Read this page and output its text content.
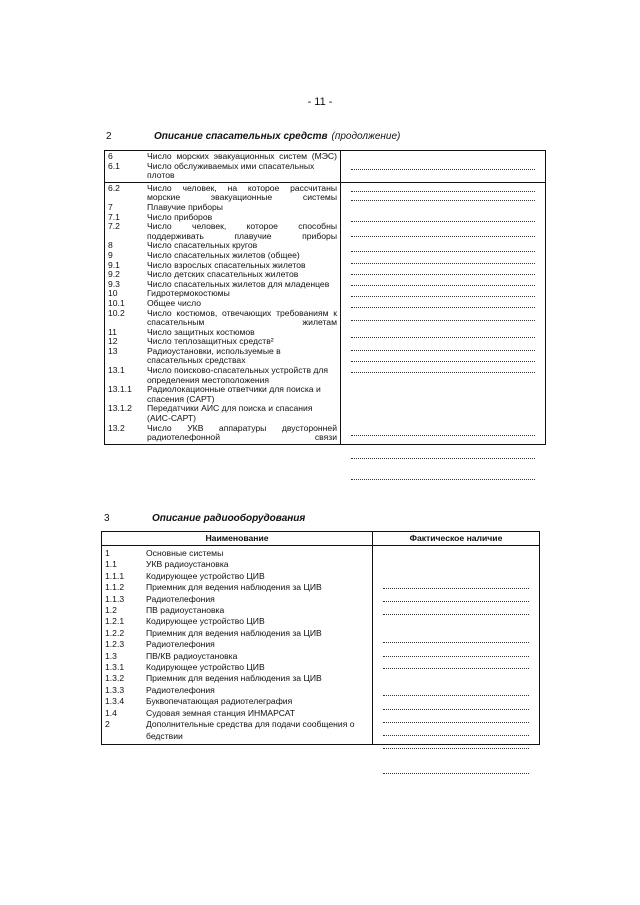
- 11 -
2	Описание спасательных средств (продолжение)
6	Число морских эвакуационных систем (МЭС)
6.1	Число обслуживаемых ими спасательных плотов
6.2	Число человек, на которое рассчитаны морские эвакуационные системы
7	Плавучие приборы
7.1	Число приборов
7.2	Число человек, которое способны поддерживать плавучие приборы
8	Число спасательных кругов
9	Число спасательных жилетов (общее)
9.1	Число взрослых спасательных жилетов
9.2	Число детских спасательных жилетов
9.3	Число спасательных жилетов для младенцев
10	Гидротермокостюмы
10.1	Общее число
10.2	Число костюмов, отвечающих требованиям к спасательным жилетам
11	Число защитных костюмов
12	Число теплозащитных средств²
13	Радиоустановки, используемые в спасательных средствах
13.1	Число поисково-спасательных устройств для определения местоположения
13.1.1	Радиолокационные ответчики для поиска и спасения (САРТ)
13.1.2	Передатчики АИС для поиска и спасания (АИС-САРТ)
13.2	Число УКВ аппаратуры двусторонней радиотелефонной связи
3	Описание радиооборудования
Наименование	Фактическое наличие
1	Основные системы
1.1	УКВ радиоустановка
1.1.1	Кодирующее устройство ЦИВ
1.1.2	Приемник для ведения наблюдения за ЦИВ
1.1.3	Радиотелефония
1.2	ПВ радиоустановка
1.2.1	Кодирующее устройство ЦИВ
1.2.2	Приемник для ведения наблюдения за ЦИВ
1.2.3	Радиотелефония
1.3	ПВ/КВ радиоустановка
1.3.1	Кодирующее устройство ЦИВ
1.3.2	Приемник для ведения наблюдения за ЦИВ
1.3.3	Радиотелефония
1.3.4	Буквопечатающая радиотелеграфия
1.4	Судовая земная станция ИНМАРСАТ
2	Дополнительные средства для подачи сообщения о бедствии
